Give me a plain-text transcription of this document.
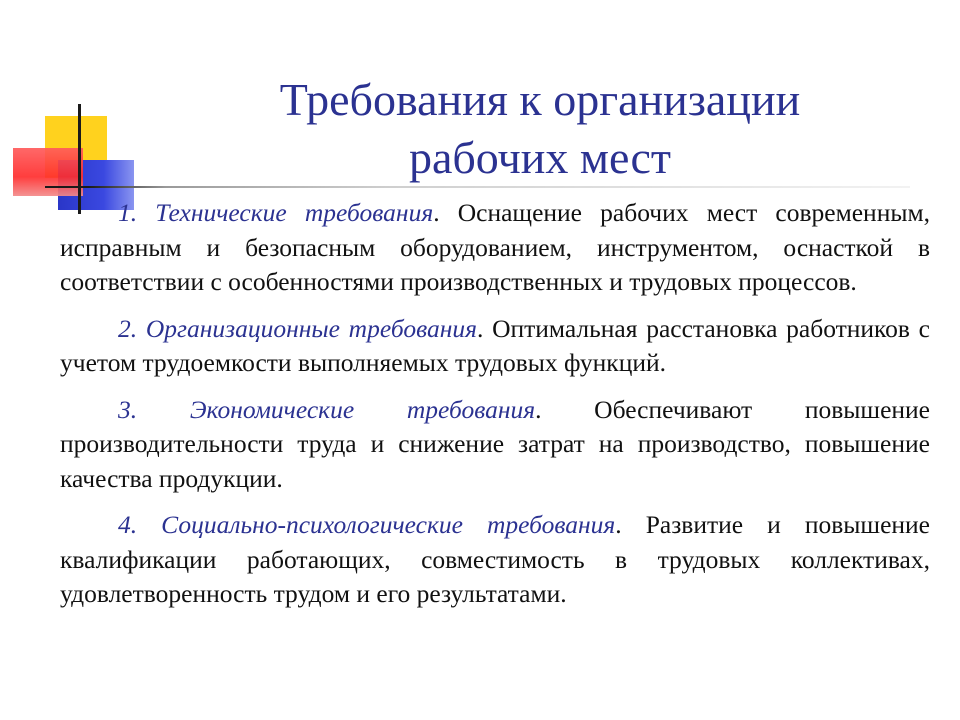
Требования к организации
рабочих мест

1. Технические требования. Оснащение рабочих мест современным, исправным и безопасным оборудованием, инструментом, оснасткой в соответствии с особенностями производственных и трудовых процессов.

2. Организационные требования. Оптимальная расстановка работников с учетом трудоемкости выполняемых трудовых функций.

3. Экономические требования. Обеспечивают повышение производительности труда и снижение затрат на производство, повышение качества продукции.

4. Социально-психологические требования. Развитие и повышение квалификации работающих, совместимость в трудовых коллективах, удовлетворенность трудом и его результатами.
